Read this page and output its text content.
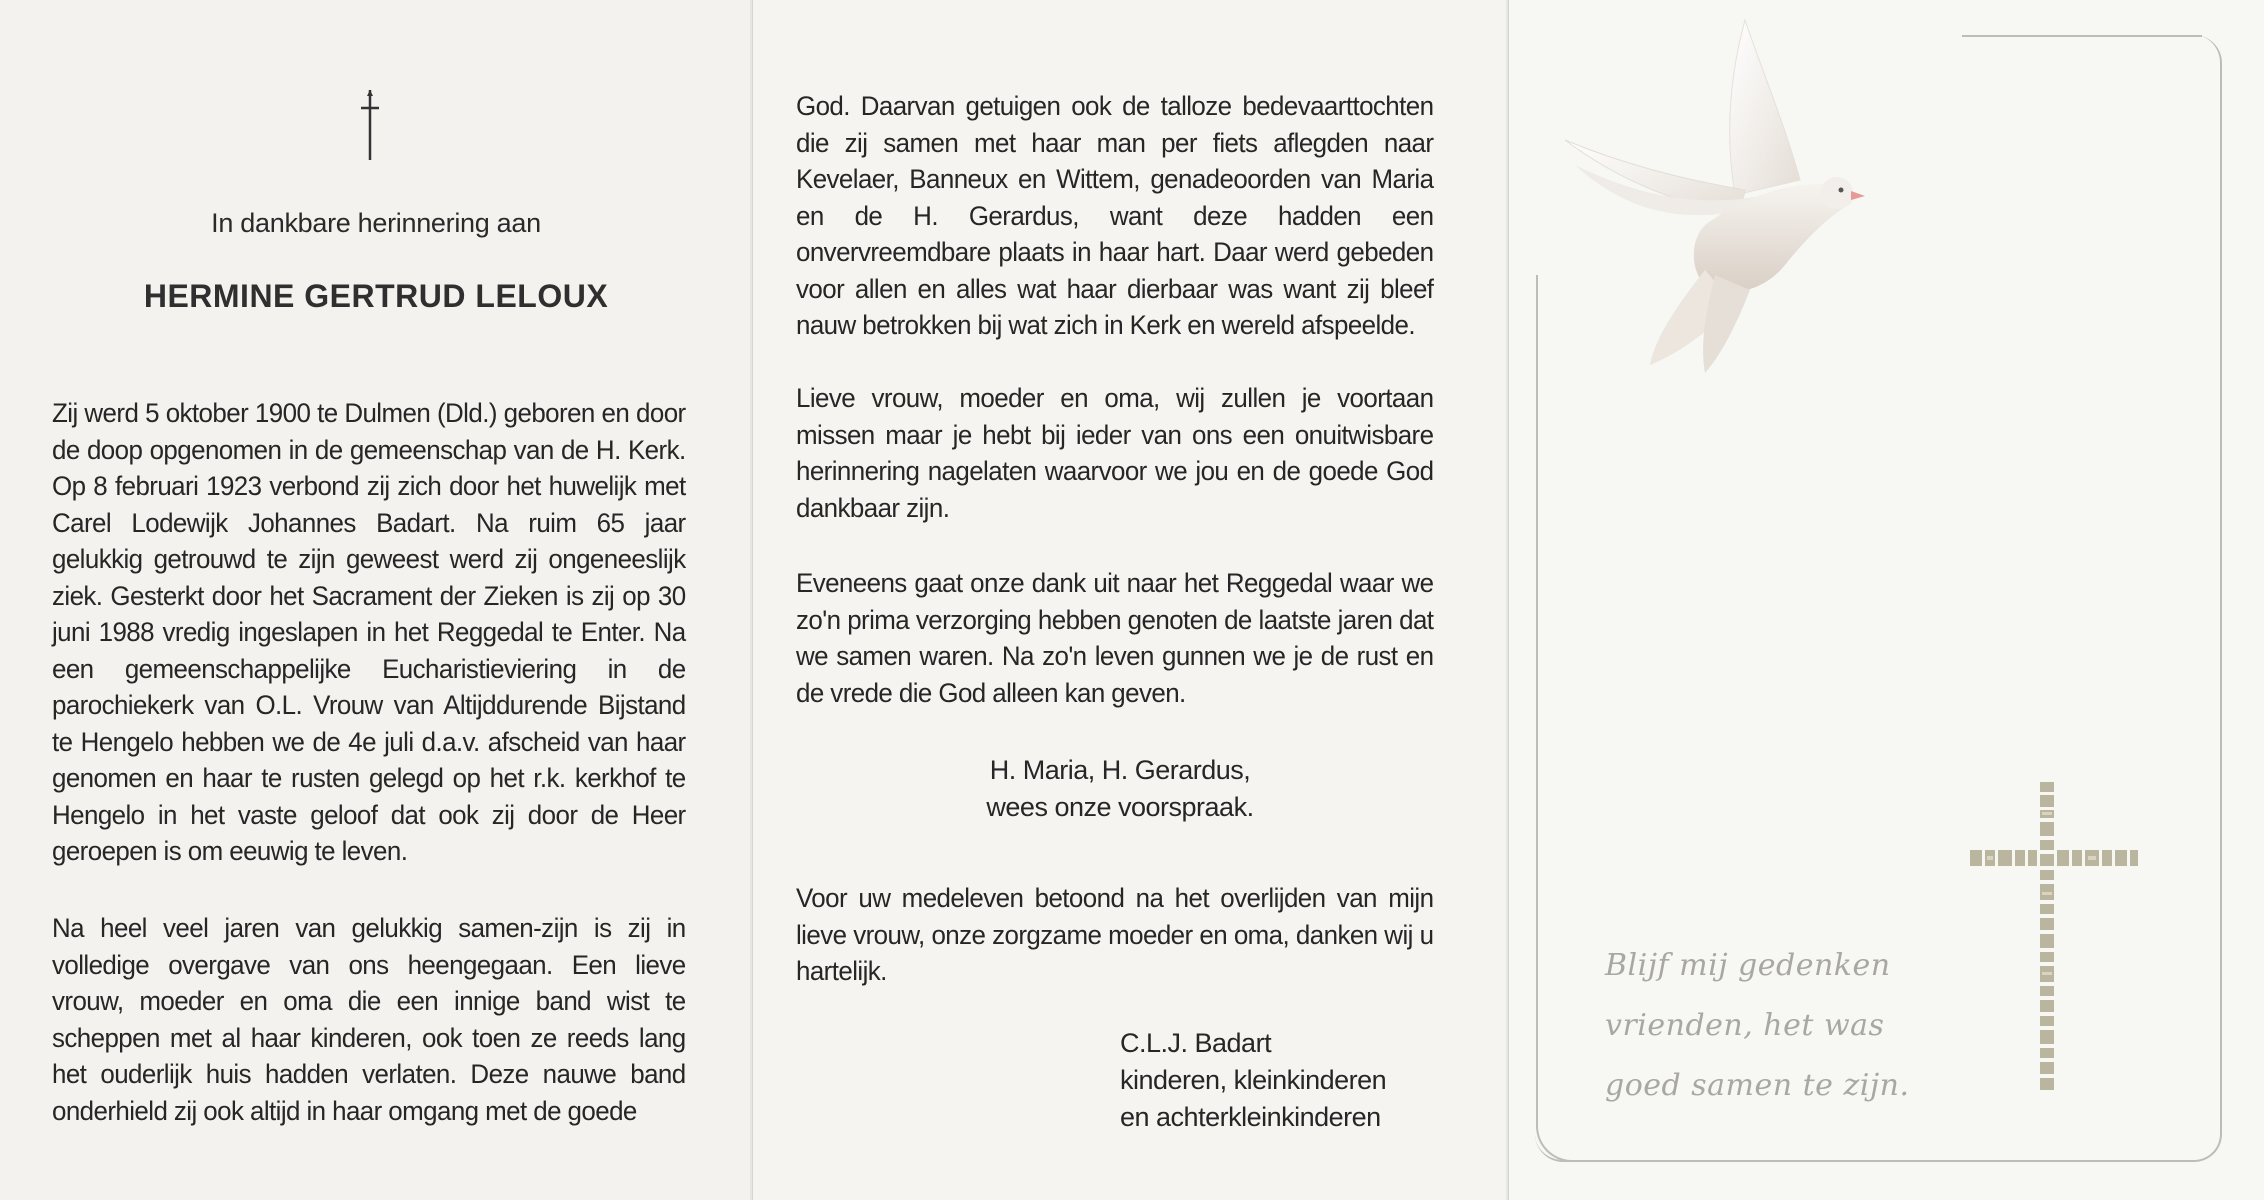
In dankbare herinnering aan
HERMINE GERTRUD LELOUX

Zij werd 5 oktober 1900 te Dulmen (Dld.) geboren en door de doop opgenomen in de gemeenschap van de H. Kerk. Op 8 februari 1923 verbond zij zich door het huwelijk met Carel Lodewijk Johannes Badart. Na ruim 65 jaar gelukkig getrouwd te zijn geweest werd zij ongeneeslijk ziek. Gesterkt door het Sacrament der Zieken is zij op 30 juni 1988 vredig ingeslapen in het Reggedal te Enter. Na een gemeenschappelijke Eucharistieviering in de parochiekerk van O.L. Vrouw van Altijddurende Bijstand te Hengelo hebben we de 4e juli d.a.v. afscheid van haar genomen en haar te rusten gelegd op het r.k. kerkhof te Hengelo in het vaste geloof dat ook zij door de Heer geroepen is om eeuwig te leven.

Na heel veel jaren van gelukkig samen-zijn is zij in volledige overgave van ons heengegaan. Een lieve vrouw, moeder en oma die een innige band wist te scheppen met al haar kinderen, ook toen ze reeds lang het ouderlijk huis hadden verlaten. Deze nauwe band onderhield zij ook altijd in haar omgang met de goede

God. Daarvan getuigen ook de talloze bedevaarttochten die zij samen met haar man per fiets aflegden naar Kevelaer, Banneux en Wittem, genadeoorden van Maria en de H. Gerardus, want deze hadden een onvervreemdbare plaats in haar hart. Daar werd gebeden voor allen en alles wat haar dierbaar was want zij bleef nauw betrokken bij wat zich in Kerk en wereld afspeelde.

Lieve vrouw, moeder en oma, wij zullen je voortaan missen maar je hebt bij ieder van ons een onuitwisbare herinnering nagelaten waarvoor we jou en de goede God dankbaar zijn.

Eveneens gaat onze dank uit naar het Reggedal waar we zo'n prima verzorging hebben genoten de laatste jaren dat we samen waren. Na zo'n leven gunnen we je de rust en de vrede die God alleen kan geven.

H. Maria, H. Gerardus,
wees onze voorspraak.

Voor uw medeleven betoond na het overlijden van mijn lieve vrouw, onze zorgzame moeder en oma, danken wij u hartelijk.

C.L.J. Badart
kinderen, kleinkinderen
en achterkleinkinderen
Blijf mij gedenken
vrienden, het was
goed samen te zijn.
